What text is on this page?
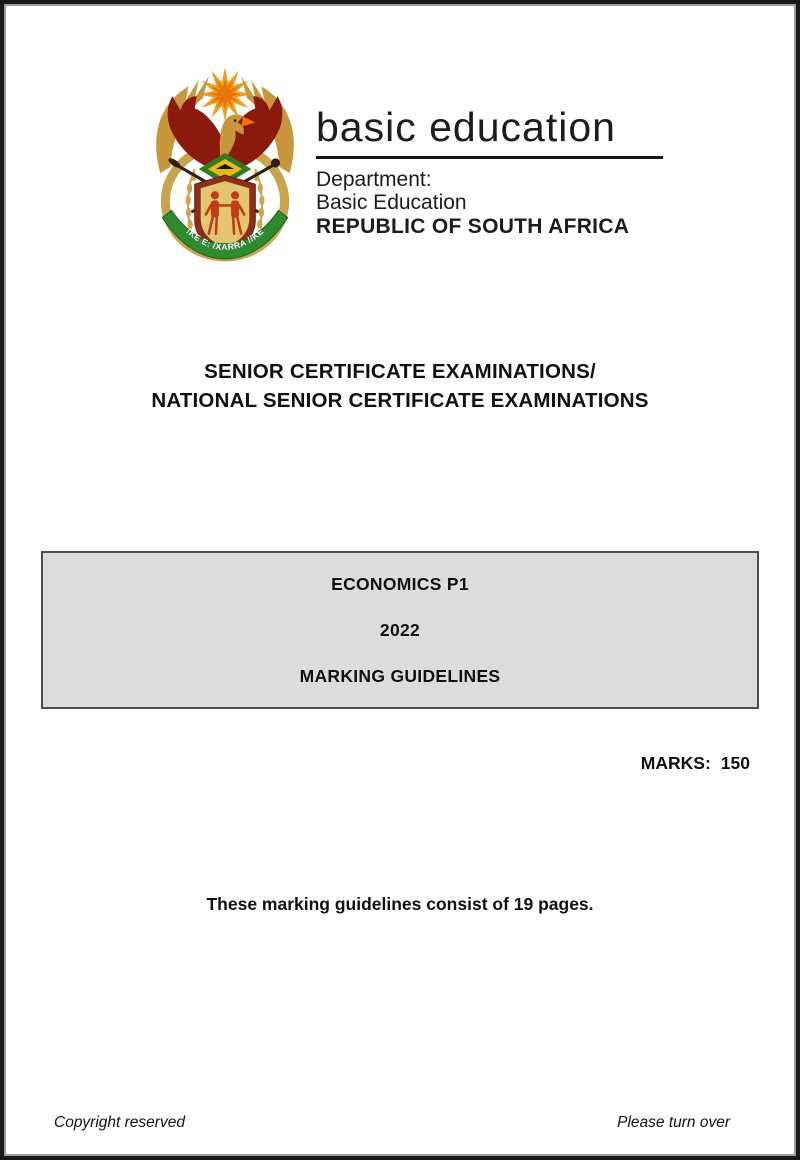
!KE E: /XARRA //KE
basic education
Department:
Basic Education
REPUBLIC OF SOUTH AFRICA
SENIOR CERTIFICATE EXAMINATIONS/
NATIONAL SENIOR CERTIFICATE EXAMINATIONS
ECONOMICS P1
2022
MARKING GUIDELINES
MARKS: 150
These marking guidelines consist of 19 pages.
Copyright reserved	Please turn over
